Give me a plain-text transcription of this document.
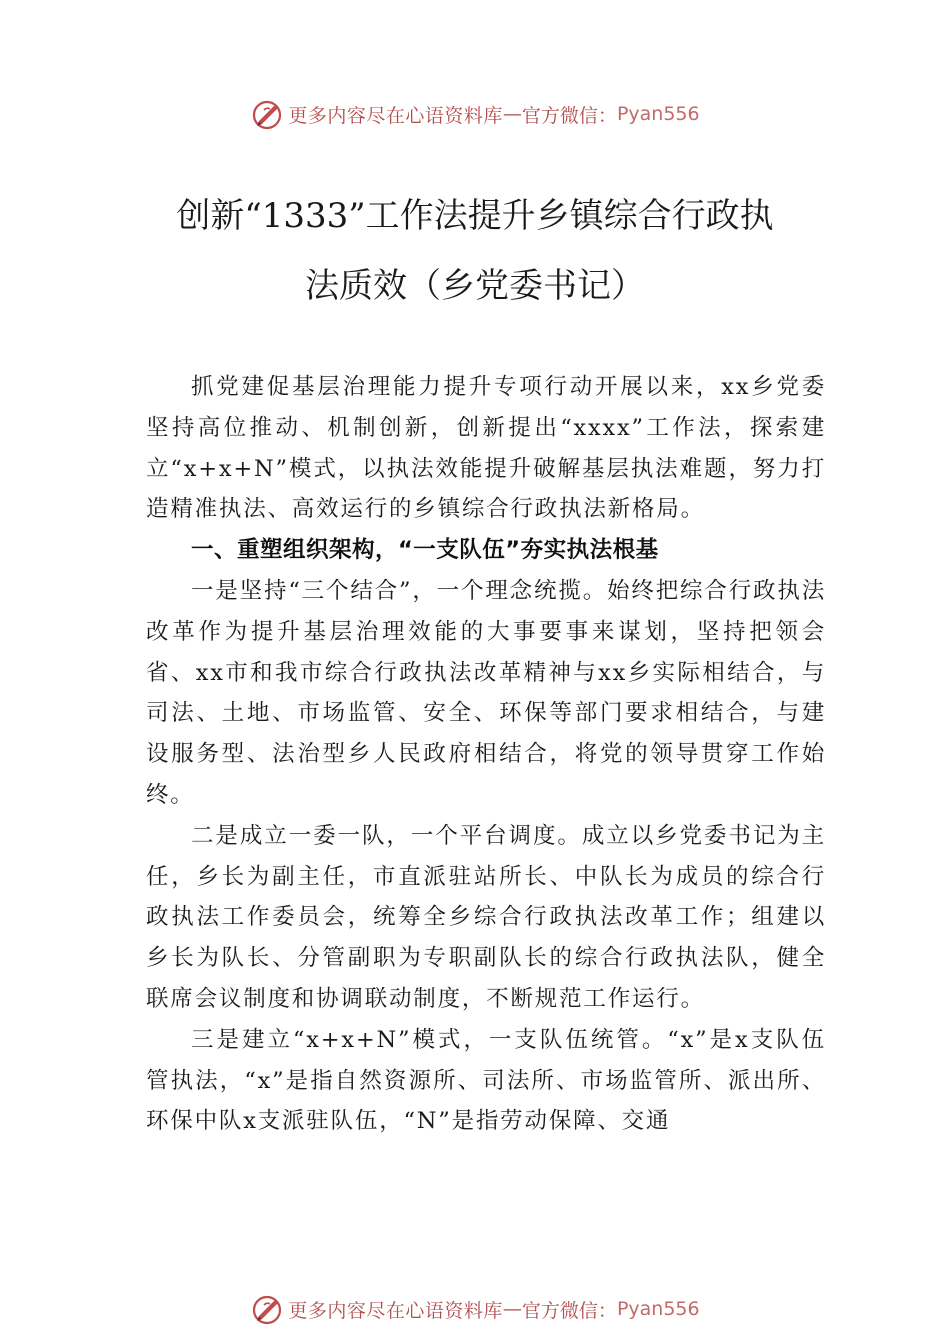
更多内容尽在心语资料库 — 官方微信： Pyan556
创新“1333”工作法提升乡镇综合行政执
法质效（乡党委书记）

抓党建促基层治理能力提升专项行动开展以来，xx乡党委坚持高位推动、机制创新，创新提出“xxxx”工作法，探索建立“x+x+N”模式，以执法效能提升破解基层执法难题，努力打造精准执法、高效运行的乡镇综合行政执法新格局。

一、重塑组织架构，“一支队伍”夯实执法根基

一是坚持“三个结合”，一个理念统揽。始终把综合行政执法改革作为提升基层治理效能的大事要事来谋划，坚持把领会省、xx市和我市综合行政执法改革精神与xx乡实际相结合，与司法、土地、市场监管、安全、环保等部门要求相结合，与建设服务型、法治型乡人民政府相结合，将党的领导贯穿工作始终。

二是成立一委一队，一个平台调度。成立以乡党委书记为主任，乡长为副主任，市直派驻站所长、中队长为成员的综合行政执法工作委员会，统筹全乡综合行政执法改革工作；组建以乡长为队长、分管副职为专职副队长的综合行政执法队，健全联席会议制度和协调联动制度，不断规范工作运行。

三是建立“x+x+N”模式，一支队伍统管。“x”是x支队伍管执法，“x”是指自然资源所、司法所、市场监管所、派出所、环保中队x支派驻队伍，“N”是指劳动保障、交通

更多内容尽在心语资料库 — 官方微信： Pyan556
